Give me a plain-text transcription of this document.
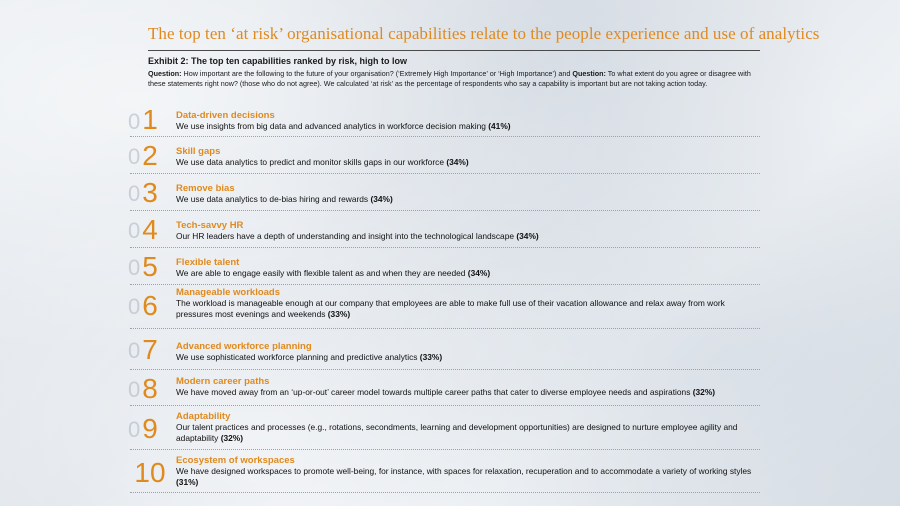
The top ten ‘at risk’ organisational capabilities relate to the people experience and use of analytics
Exhibit 2: The top ten capabilities ranked by risk, high to low
Question: How important are the following to the future of your organisation? (‘Extremely High Importance’ or ‘High Importance’) and Question: To what extent do you agree or disagree with these statements right now? (those who do not agree). We calculated ‘at risk’ as the percentage of respondents who say a capability is important but are not taking action today.
0 1	Data-driven decisions
We use insights from big data and advanced analytics in workforce decision making (41%)
0 2	Skill gaps
We use data analytics to predict and monitor skills gaps in our workforce (34%)
0 3	Remove bias
We use data analytics to de-bias hiring and rewards (34%)
0 4	Tech-savvy HR
Our HR leaders have a depth of understanding and insight into the technological landscape (34%)
0 5	Flexible talent
We are able to engage easily with flexible talent as and when they are needed (34%)
0 6	Manageable workloads
The workload is manageable enough at our company that employees are able to make full use of their vacation allowance and relax away from work pressures most evenings and weekends (33%)
0 7	Advanced workforce planning
We use sophisticated workforce planning and predictive analytics (33%)
0 8	Modern career paths
We have moved away from an ‘up-or-out’ career model towards multiple career paths that cater to diverse employee needs and aspirations (32%)
0 9	Adaptability
Our talent practices and processes (e.g., rotations, secondments, learning and development opportunities) are designed to nurture employee agility and adaptability (32%)
10	Ecosystem of workspaces
We have designed workspaces to promote well-being, for instance, with spaces for relaxation, recuperation and to accommodate a variety of working styles (31%)
